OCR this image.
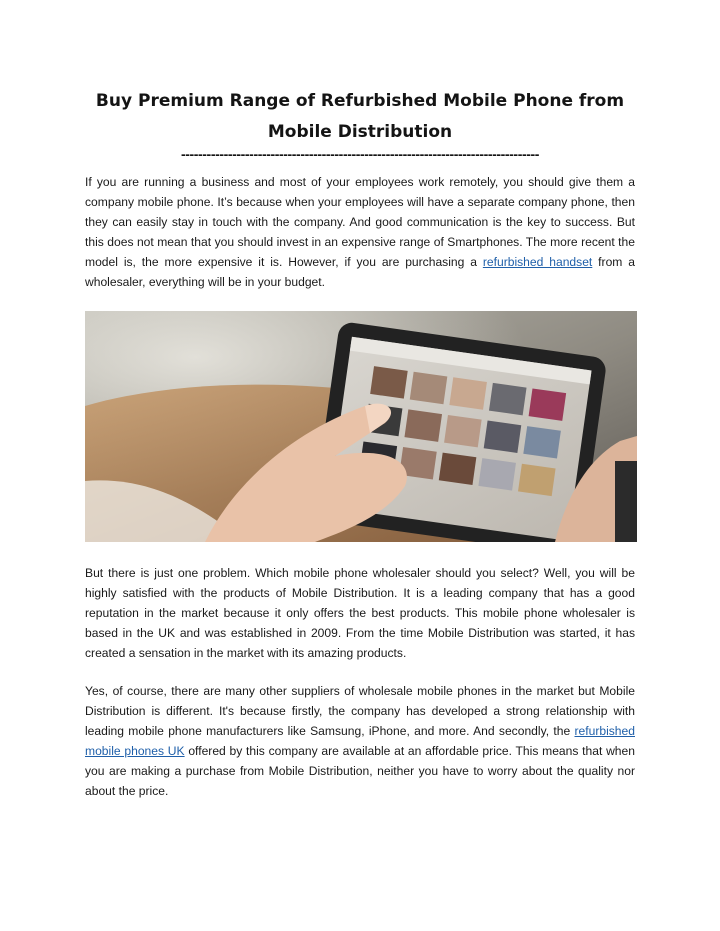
Buy Premium Range of Refurbished Mobile Phone from Mobile Distribution
------------------------------------------------------------------------------------

If you are running a business and most of your employees work remotely, you should give them a company mobile phone. It’s because when your employees will have a separate company phone, then they can easily stay in touch with the company. And good communication is the key to success. But this does not mean that you should invest in an expensive range of Smartphones. The more recent the model is, the more expensive it is. However, if you are purchasing a refurbished handset from a wholesaler, everything will be in your budget.

But there is just one problem. Which mobile phone wholesaler should you select? Well, you will be highly satisfied with the products of Mobile Distribution. It is a leading company that has a good reputation in the market because it only offers the best products. This mobile phone wholesaler is based in the UK and was established in 2009. From the time Mobile Distribution was started, it has created a sensation in the market with its amazing products.

Yes, of course, there are many other suppliers of wholesale mobile phones in the market but Mobile Distribution is different. It's because firstly, the company has developed a strong relationship with leading mobile phone manufacturers like Samsung, iPhone, and more. And secondly, the refurbished mobile phones UK offered by this company are available at an affordable price. This means that when you are making a purchase from Mobile Distribution, neither you have to worry about the quality nor about the price.
